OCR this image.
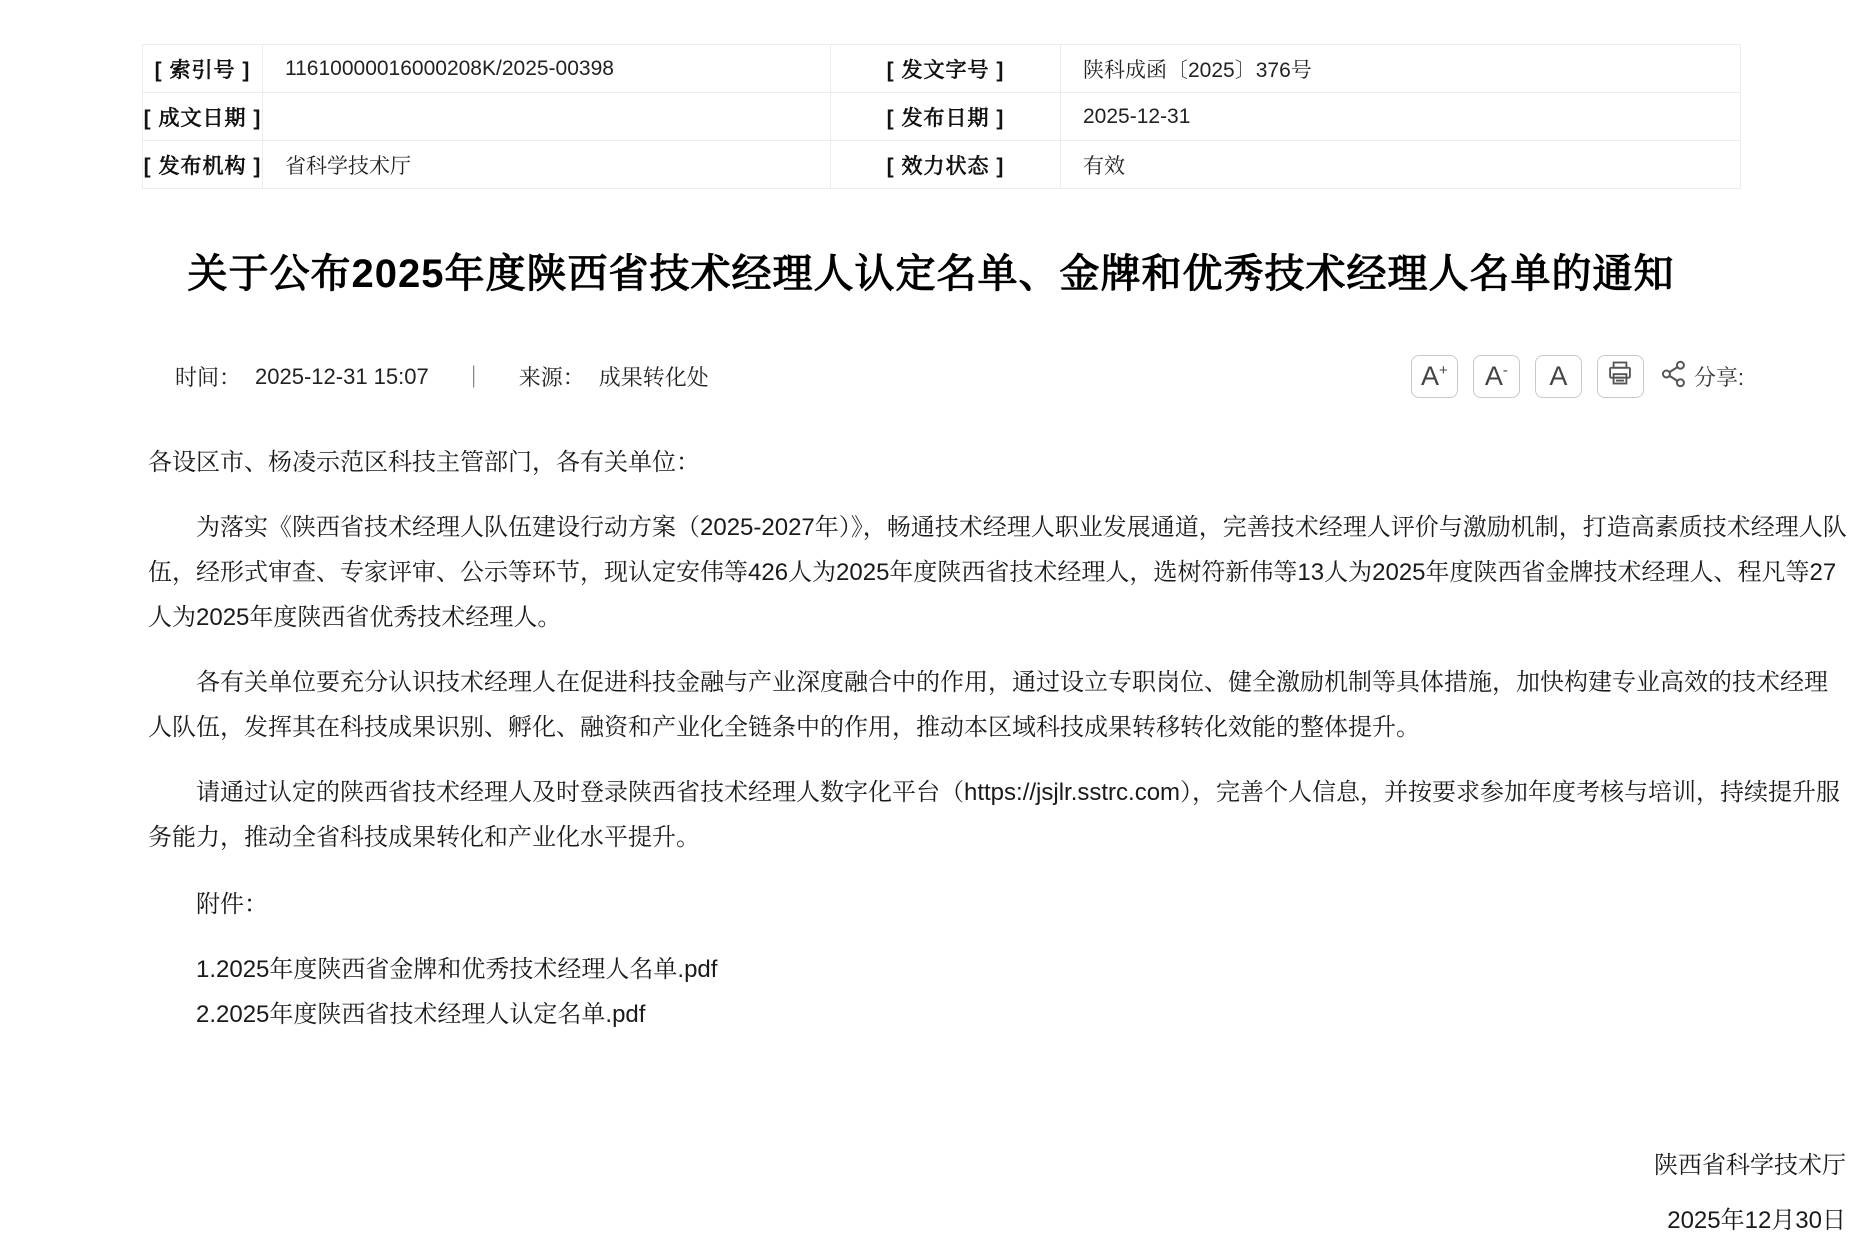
[ 索引号 ]	11610000016000208K/2025-00398	[ 发文字号 ]	陕科成函〔2025〕376号
[ 成文日期 ]		[ 发布日期 ]	2025-12-31
[ 发布机构 ]	省科学技术厅	[ 效力状态 ]	有效
关于公布2025年度陕西省技术经理人认定名单、金牌和优秀技术经理人名单的通知
时间： 2025-12-31 15:07 ｜ 来源： 成果转化处	A+ A- A	分享:

各设区市、杨凌示范区科技主管部门，各有关单位：

为落实《陕西省技术经理人队伍建设行动方案（2025-2027年）》，畅通技术经理人职业发展通道，完善技术经理人评价与激励机制，打造高素质技术经理人队伍，经形式审查、专家评审、公示等环节，现认定安伟等426人为2025年度陕西省技术经理人，选树符新伟等13人为2025年度陕西省金牌技术经理人、程凡等27人为2025年度陕西省优秀技术经理人。

各有关单位要充分认识技术经理人在促进科技金融与产业深度融合中的作用，通过设立专职岗位、健全激励机制等具体措施，加快构建专业高效的技术经理人队伍，发挥其在科技成果识别、孵化、融资和产业化全链条中的作用，推动本区域科技成果转移转化效能的整体提升。

请通过认定的陕西省技术经理人及时登录陕西省技术经理人数字化平台（https://jsjlr.sstrc.com），完善个人信息，并按要求参加年度考核与培训，持续提升服务能力，推动全省科技成果转化和产业化水平提升。

附件：

1.2025年度陕西省金牌和优秀技术经理人名单.pdf
2.2025年度陕西省技术经理人认定名单.pdf
陕西省科学技术厅
2025年12月30日
